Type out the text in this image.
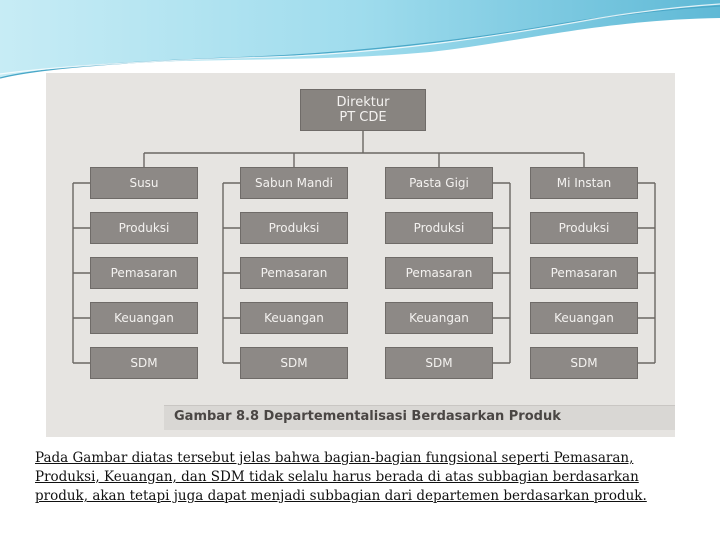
Direktur
PT CDE
Susu
Produksi
Pemasaran
Keuangan
SDM
Sabun Mandi
Produksi
Pemasaran
Keuangan
SDM
Pasta Gigi
Produksi
Pemasaran
Keuangan
SDM
Mi Instan
Produksi
Pemasaran
Keuangan
SDM
Gambar 8.8 Departementalisasi Berdasarkan Produk
Pada Gambar diatas tersebut jelas bahwa bagian-bagian fungsional seperti Pemasaran, Produksi, Keuangan, dan SDM tidak selalu harus berada di atas subbagian berdasarkan produk, akan tetapi juga dapat menjadi subbagian dari departemen berdasarkan produk.
